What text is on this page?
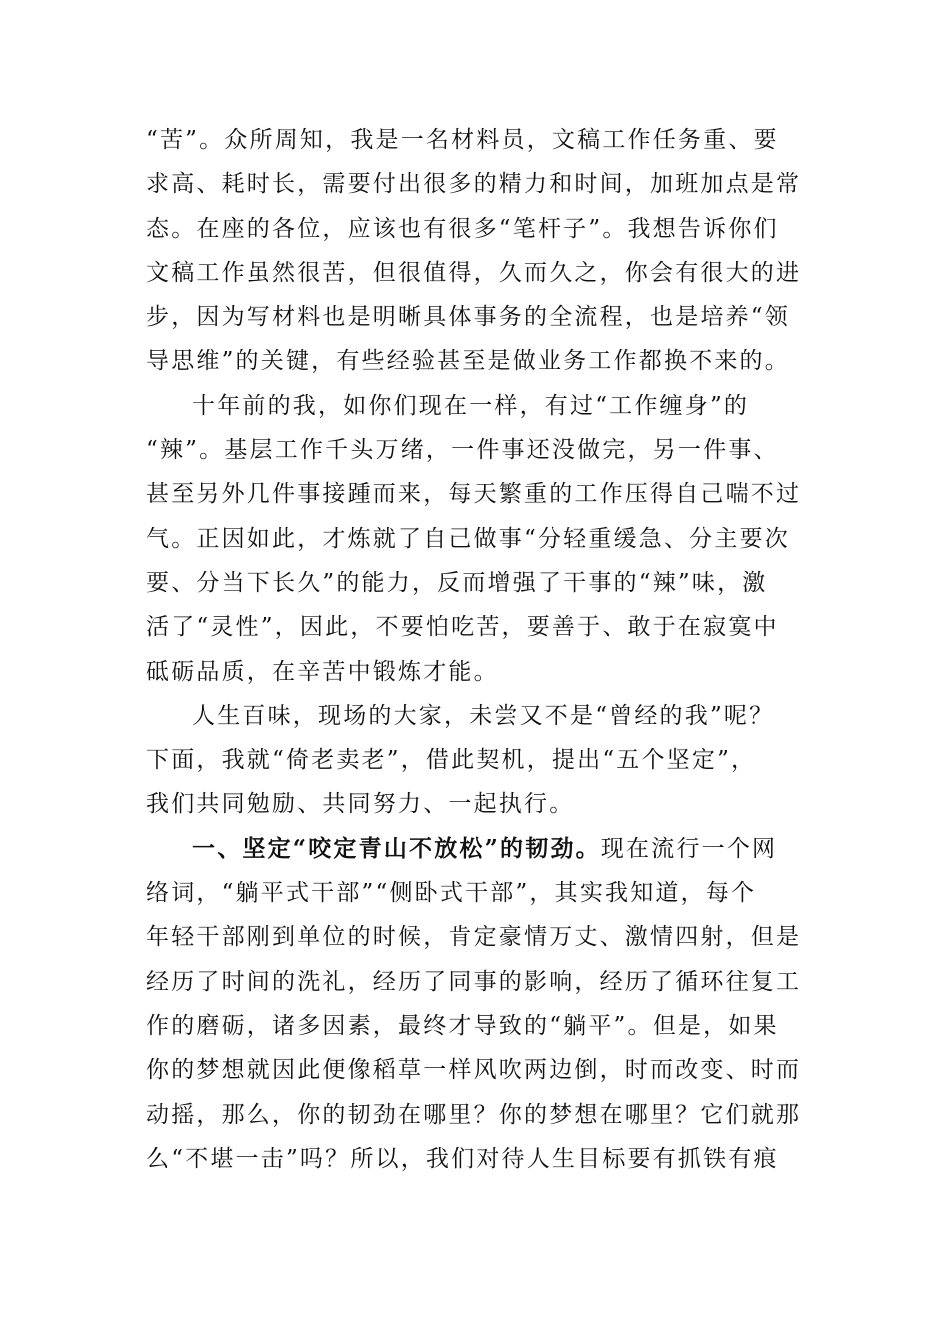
“苦”。众所周知，我是一名材料员，文稿工作任务重、要
求高、耗时长，需要付出很多的精力和时间，加班加点是常
态。在座的各位，应该也有很多“笔杆子”。我想告诉你们
文稿工作虽然很苦，但很值得，久而久之，你会有很大的进
步，因为写材料也是明晰具体事务的全流程，也是培养“领
导思维”的关键，有些经验甚至是做业务工作都换不来的。
十年前的我，如你们现在一样，有过“工作缠身”的
“辣”。基层工作千头万绪，一件事还没做完，另一件事、
甚至另外几件事接踵而来，每天繁重的工作压得自己喘不过
气。正因如此，才炼就了自己做事“分轻重缓急、分主要次
要、分当下长久”的能力，反而增强了干事的“辣”味，激
活了“灵性”，因此，不要怕吃苦，要善于、敢于在寂寞中
砥砺品质，在辛苦中锻炼才能。
人生百味，现场的大家，未尝又不是“曾经的我”呢？
下面，我就“倚老卖老”，借此契机，提出“五个坚定”，
我们共同勉励、共同努力、一起执行。
一、坚定“咬定青山不放松”的韧劲。现在流行一个网
络词，“躺平式干部”“侧卧式干部”，其实我知道，每个
年轻干部刚到单位的时候，肯定豪情万丈、激情四射，但是
经历了时间的洗礼，经历了同事的影响，经历了循环往复工
作的磨砺，诸多因素，最终才导致的“躺平”。但是，如果
你的梦想就因此便像稻草一样风吹两边倒，时而改变、时而
动摇，那么，你的韧劲在哪里？你的梦想在哪里？它们就那
么“不堪一击”吗？所以，我们对待人生目标要有抓铁有痕
